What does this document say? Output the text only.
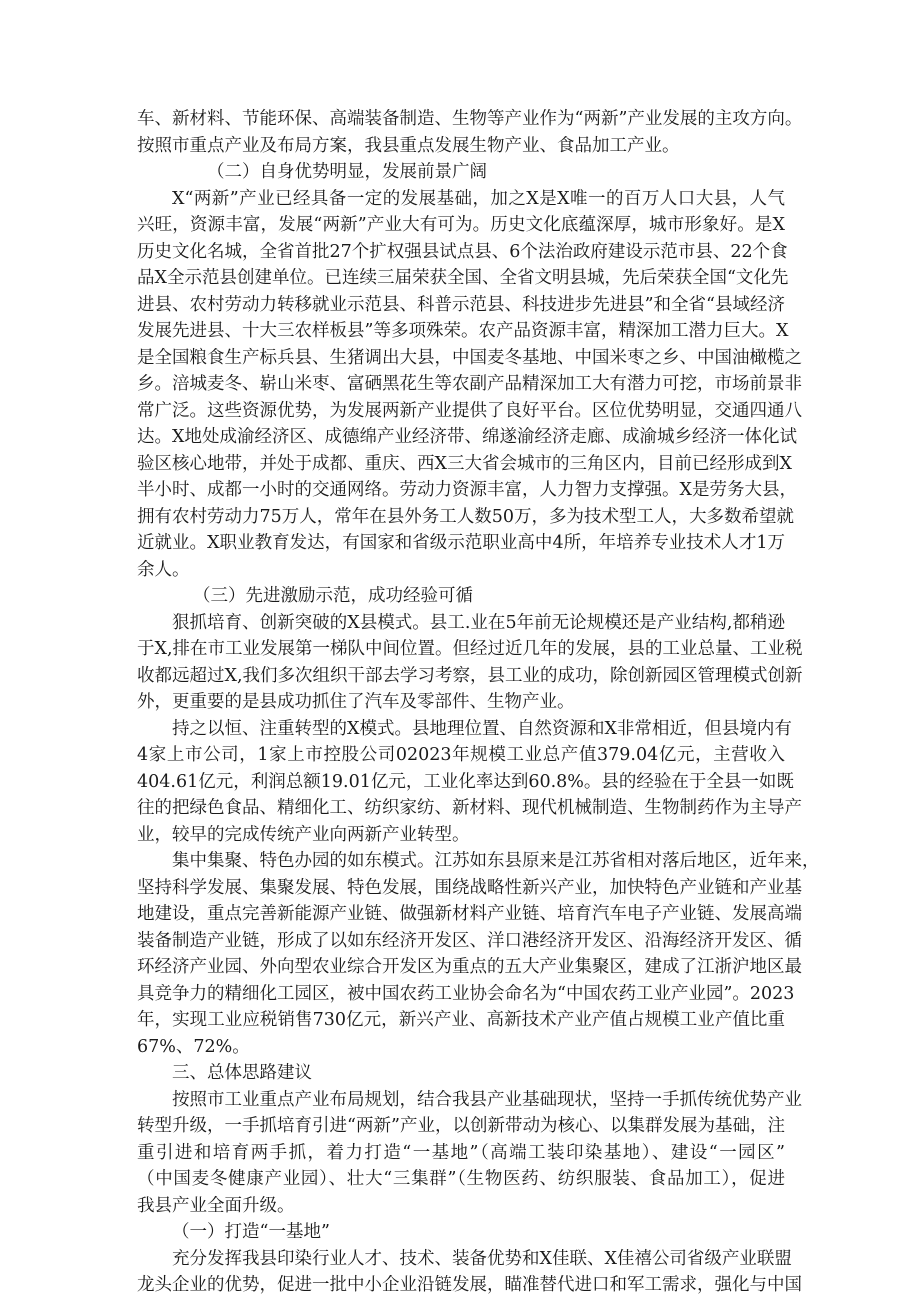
车、新材料、节能环保、高端装备制造、生物等产业作为“两新”产业发展的主攻方向。
按照市重点产业及布局方案，我县重点发展生物产业、食品加工产业。
（二）自身优势明显，发展前景广阔
X“两新”产业已经具备一定的发展基础，加之X是X唯一的百万人口大县，人气
兴旺，资源丰富，发展“两新”产业大有可为。历史文化底蕴深厚，城市形象好。是X
历史文化名城，全省首批27个扩权强县试点县、6个法治政府建设示范市县、22个食
品X全示范县创建单位。已连续三届荣获全国、全省文明县城，先后荣获全国“文化先
进县、农村劳动力转移就业示范县、科普示范县、科技进步先进县”和全省“县域经济
发展先进县、十大三农样板县”等多项殊荣。农产品资源丰富，精深加工潜力巨大。X
是全国粮食生产标兵县、生猪调出大县，中国麦冬基地、中国米枣之乡、中国油橄榄之
乡。涪城麦冬、崭山米枣、富硒黑花生等农副产品精深加工大有潜力可挖，市场前景非
常广泛。这些资源优势，为发展两新产业提供了良好平台。区位优势明显，交通四通八
达。X地处成渝经济区、成德绵产业经济带、绵遂渝经济走廊、成渝城乡经济一体化试
验区核心地带，并处于成都、重庆、西X三大省会城市的三角区内，目前已经形成到X
半小时、成都一小时的交通网络。劳动力资源丰富，人力智力支撑强。X是劳务大县，
拥有农村劳动力75万人，常年在县外务工人数50万，多为技术型工人，大多数希望就
近就业。X职业教育发达，有国家和省级示范职业高中4所，年培养专业技术人才1万
余人。
（三）先进激励示范，成功经验可循
狠抓培育、创新突破的X县模式。县工.业在5年前无论规模还是产业结构,都稍逊
于X,排在市工业发展第一梯队中间位置。但经过近几年的发展，县的工业总量、工业税
收都远超过X,我们多次组织干部去学习考察，县工业的成功，除创新园区管理模式创新
外，更重要的是县成功抓住了汽车及零部件、生物产业。
持之以恒、注重转型的X模式。县地理位置、自然资源和X非常相近，但县境内有
4家上市公司，1家上市控股公司02023年规模工业总产值379.04亿元，主营收入
404.61亿元，利润总额19.01亿元，工业化率达到60.8%。县的经验在于全县一如既
往的把绿色食品、精细化工、纺织家纺、新材料、现代机械制造、生物制药作为主导产
业，较早的完成传统产业向两新产业转型。
集中集聚、特色办园的如东模式。江苏如东县原来是江苏省相对落后地区，近年来，
坚持科学发展、集聚发展、特色发展，围绕战略性新兴产业，加快特色产业链和产业基
地建设，重点完善新能源产业链、做强新材料产业链、培育汽车电子产业链、发展高端
装备制造产业链，形成了以如东经济开发区、洋口港经济开发区、沿海经济开发区、循
环经济产业园、外向型农业综合开发区为重点的五大产业集聚区，建成了江浙沪地区最
具竞争力的精细化工园区，被中国农药工业协会命名为“中国农药工业产业园”。2023
年，实现工业应税销售730亿元，新兴产业、高新技术产业产值占规模工业产值比重
67%、72%。
三、总体思路建议
按照市工业重点产业布局规划，结合我县产业基础现状，坚持一手抓传统优势产业
转型升级，一手抓培育引进“两新”产业，以创新带动为核心、以集群发展为基础，注
重引进和培育两手抓，着力打造“一基地”（高端工装印染基地）、建设“一园区”
（中国麦冬健康产业园）、壮大“三集群”（生物医药、纺织服装、食品加工），促进
我县产业全面升级。
（一）打造“一基地”
充分发挥我县印染行业人才、技术、装备优势和X佳联、X佳禧公司省级产业联盟
龙头企业的优势，促进一批中小企业沿链发展，瞄准替代进口和军工需求，强化与中国
